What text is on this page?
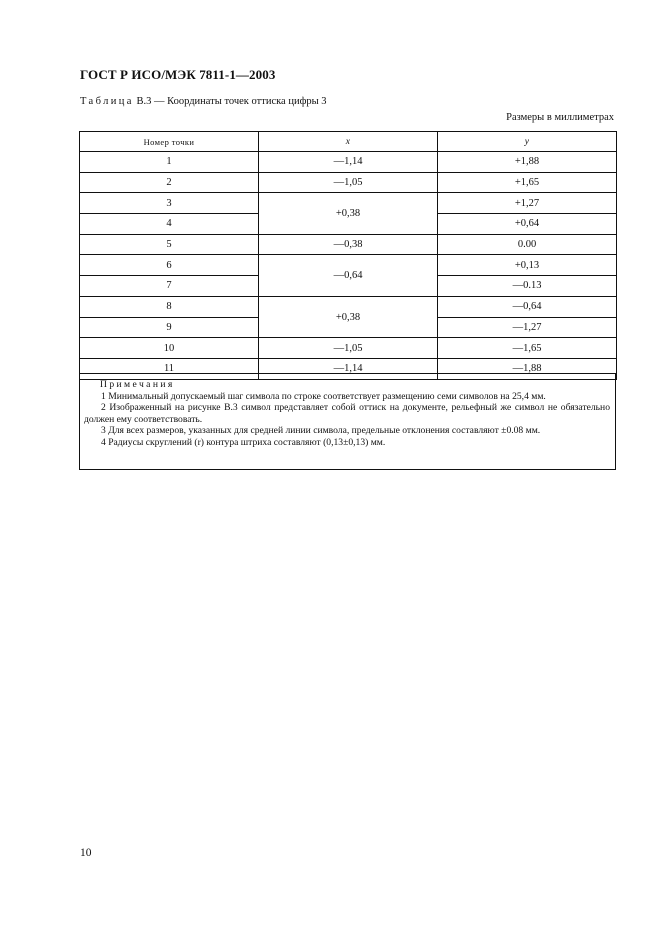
ГОСТ Р ИСО/МЭК 7811-1—2003
Таблица В.3 — Координаты точек оттиска цифры 3
Размеры в миллиметрах
Номер точки	x	y
1	—1,14	+1,88
2	—1,05	+1,65
3	+0,38	+1,27
4		+0,64
5	—0,38	0.00
6	—0,64	+0,13
7		—0.13
8	+0,38	—0,64
9		—1,27
10	—1,05	—1,65
11	—1,14	—1,88
Примечания
1 Минимальный допускаемый шаг символа по строке соответствует размещению семи символов на 25,4 мм.
2 Изображенный на рисунке В.3 символ представляет собой оттиск на документе, рельефный же символ не обязательно должен ему соответствовать.
3 Для всех размеров, указанных для средней линии символа, предельные отклонения составляют ±0.08 мм.
4 Радиусы скруглений (r) контура штриха составляют (0,13±0,13) мм.
10
